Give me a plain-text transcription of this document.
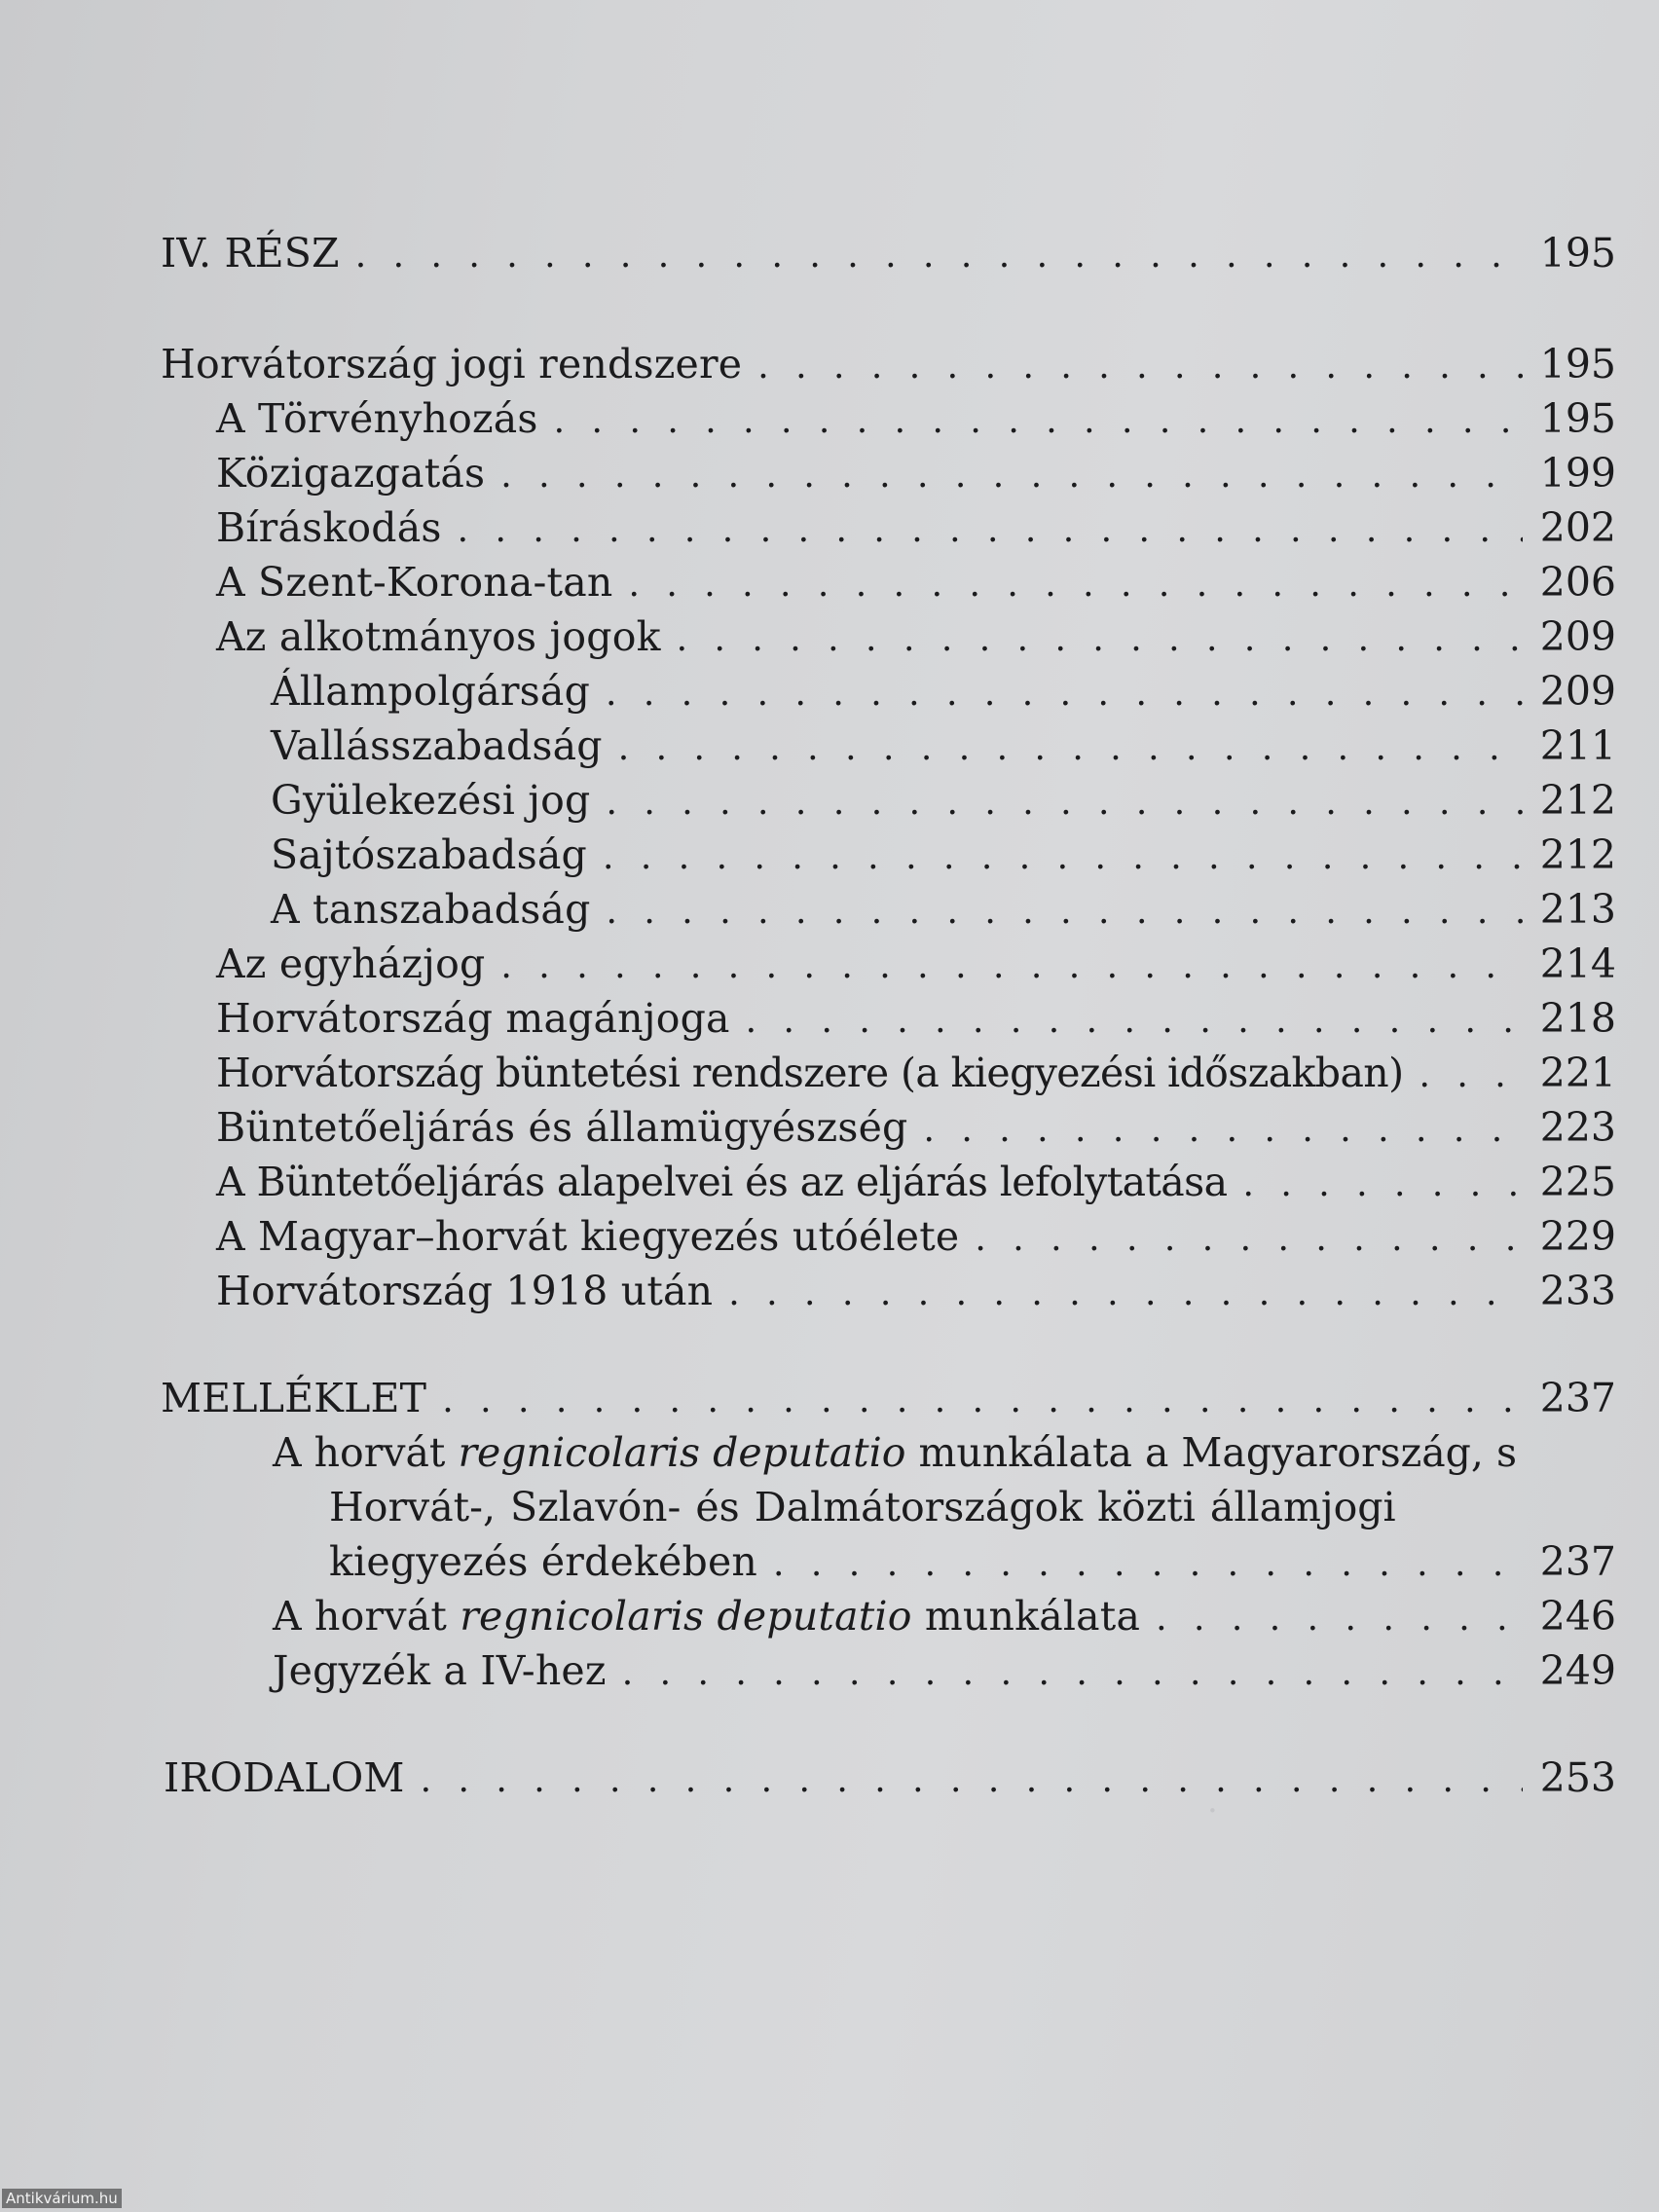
·
IV. RÉSZ . . .	195
Horvátország jogi rendszere . . .	195
A Törvényhozás . . .	195
Közigazgatás . . .	199
Bíráskodás . . .	202
A Szent-Korona-tan . . .	206
Az alkotmányos jogok . . .	209
Állampolgárság . . .	209
Vallásszabadság . . .	211
Gyülekezési jog . . .	212
Sajtószabadság . . .	212
A tanszabadság . . .	213
Az egyházjog . . .	214
Horvátország magánjoga . . .	218
Horvátország büntetési rendszere (a kiegyezési időszakban) . . .	221
Büntetőeljárás és államügyészség . . .	223
A Büntetőeljárás alapelvei és az eljárás lefolytatása . . .	225
A Magyar–horvát kiegyezés utóélete . . .	229
Horvátország 1918 után . . .	233
MELLÉKLET . . .	237
A horvát regnicolaris deputatio munkálata a Magyarország, s
Horvát-, Szlavón- és Dalmátországok közti államjogi
kiegyezés érdekében . . .	237
A horvát regnicolaris deputatio munkálata . . .	246
Jegyzék a IV-hez . . .	249
IRODALOM . . .	253
Antikvárium.hu
